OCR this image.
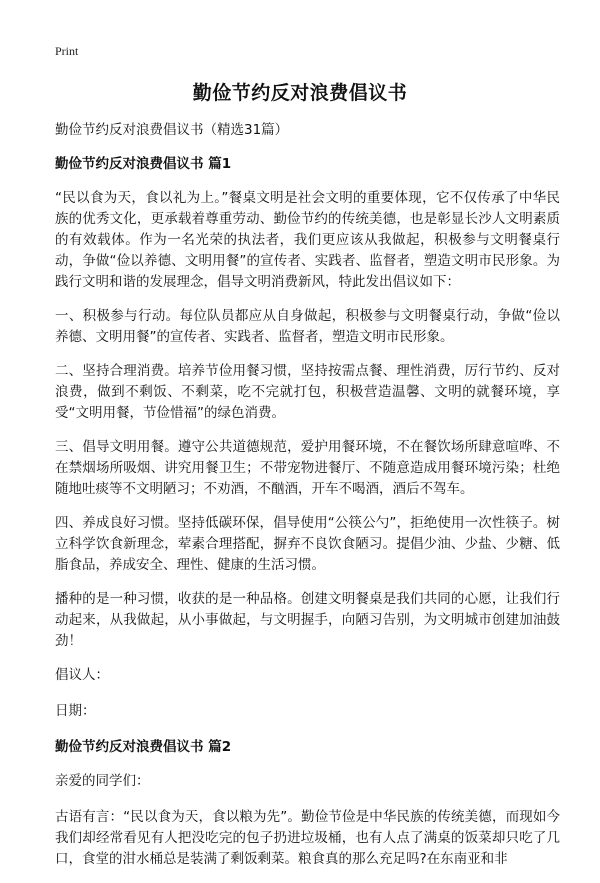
Print
勤俭节约反对浪费倡议书

勤俭节约反对浪费倡议书（精选31篇）

勤俭节约反对浪费倡议书 篇1

“民以食为天，食以礼为上。”餐桌文明是社会文明的重要体现，它不仅传承了中华民族的优秀文化，更承载着尊重劳动、勤俭节约的传统美德，也是彰显长沙人文明素质的有效载体。作为一名光荣的执法者，我们更应该从我做起，积极参与文明餐桌行动，争做“俭以养德、文明用餐”的宣传者、实践者、监督者，塑造文明市民形象。为践行文明和谐的发展理念，倡导文明消费新风，特此发出倡议如下：

一、积极参与行动。每位队员都应从自身做起，积极参与文明餐桌行动，争做“俭以养德、文明用餐”的宣传者、实践者、监督者，塑造文明市民形象。

二、坚持合理消费。培养节俭用餐习惯，坚持按需点餐、理性消费，厉行节约、反对浪费，做到不剩饭、不剩菜，吃不完就打包，积极营造温馨、文明的就餐环境，享受“文明用餐，节俭惜福”的绿色消费。

三、倡导文明用餐。遵守公共道德规范，爱护用餐环境，不在餐饮场所肆意喧哗、不在禁烟场所吸烟、讲究用餐卫生；不带宠物进餐厅、不随意造成用餐环境污染；杜绝随地吐痰等不文明陋习；不劝酒，不酗酒，开车不喝酒，酒后不驾车。

四、养成良好习惯。坚持低碳环保，倡导使用“公筷公勺”，拒绝使用一次性筷子。树立科学饮食新理念，荤素合理搭配，摒弃不良饮食陋习。提倡少油、少盐、少糖、低脂食品，养成安全、理性、健康的生活习惯。

播种的是一种习惯，收获的是一种品格。创建文明餐桌是我们共同的心愿，让我们行动起来，从我做起，从小事做起，与文明握手，向陋习告别，为文明城市创建加油鼓劲！

倡议人：

日期：

勤俭节约反对浪费倡议书 篇2

亲爱的同学们：

古语有言：“民以食为天，食以粮为先”。勤俭节俭是中华民族的传统美德，而现如今我们却经常看见有人把没吃完的包子扔进垃圾桶，也有人点了满桌的饭菜却只吃了几口，食堂的泔水桶总是装满了剩饭剩菜。粮食真的那么充足吗?在东南亚和非
